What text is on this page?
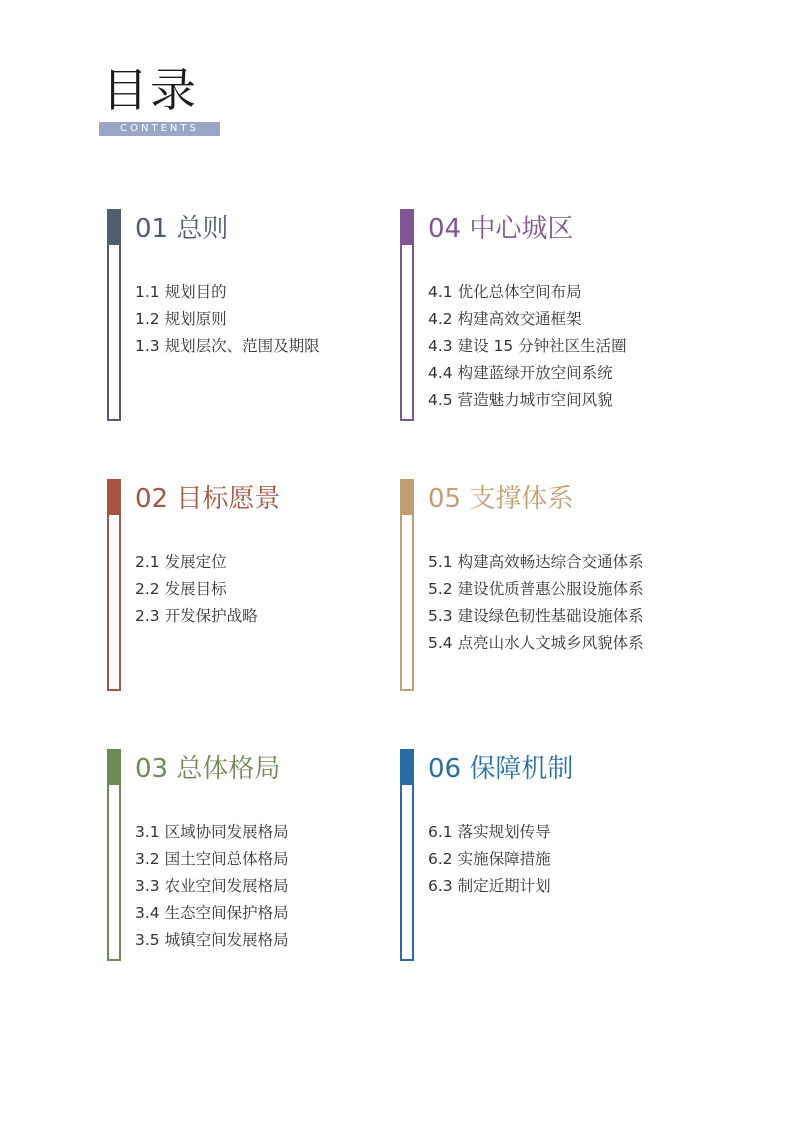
目录
CONTENTS
01 总则
1.1 规划目的
1.2 规划原则
1.3 规划层次、范围及期限
04 中心城区
4.1 优化总体空间布局
4.2 构建高效交通框架
4.3 建设 15 分钟社区生活圈
4.4 构建蓝绿开放空间系统
4.5 营造魅力城市空间风貌
02 目标愿景
2.1 发展定位
2.2 发展目标
2.3 开发保护战略
05 支撑体系
5.1 构建高效畅达综合交通体系
5.2 建设优质普惠公服设施体系
5.3 建设绿色韧性基础设施体系
5.4 点亮山水人文城乡风貌体系
03 总体格局
3.1 区域协同发展格局
3.2 国土空间总体格局
3.3 农业空间发展格局
3.4 生态空间保护格局
3.5 城镇空间发展格局
06 保障机制
6.1 落实规划传导
6.2 实施保障措施
6.3 制定近期计划
